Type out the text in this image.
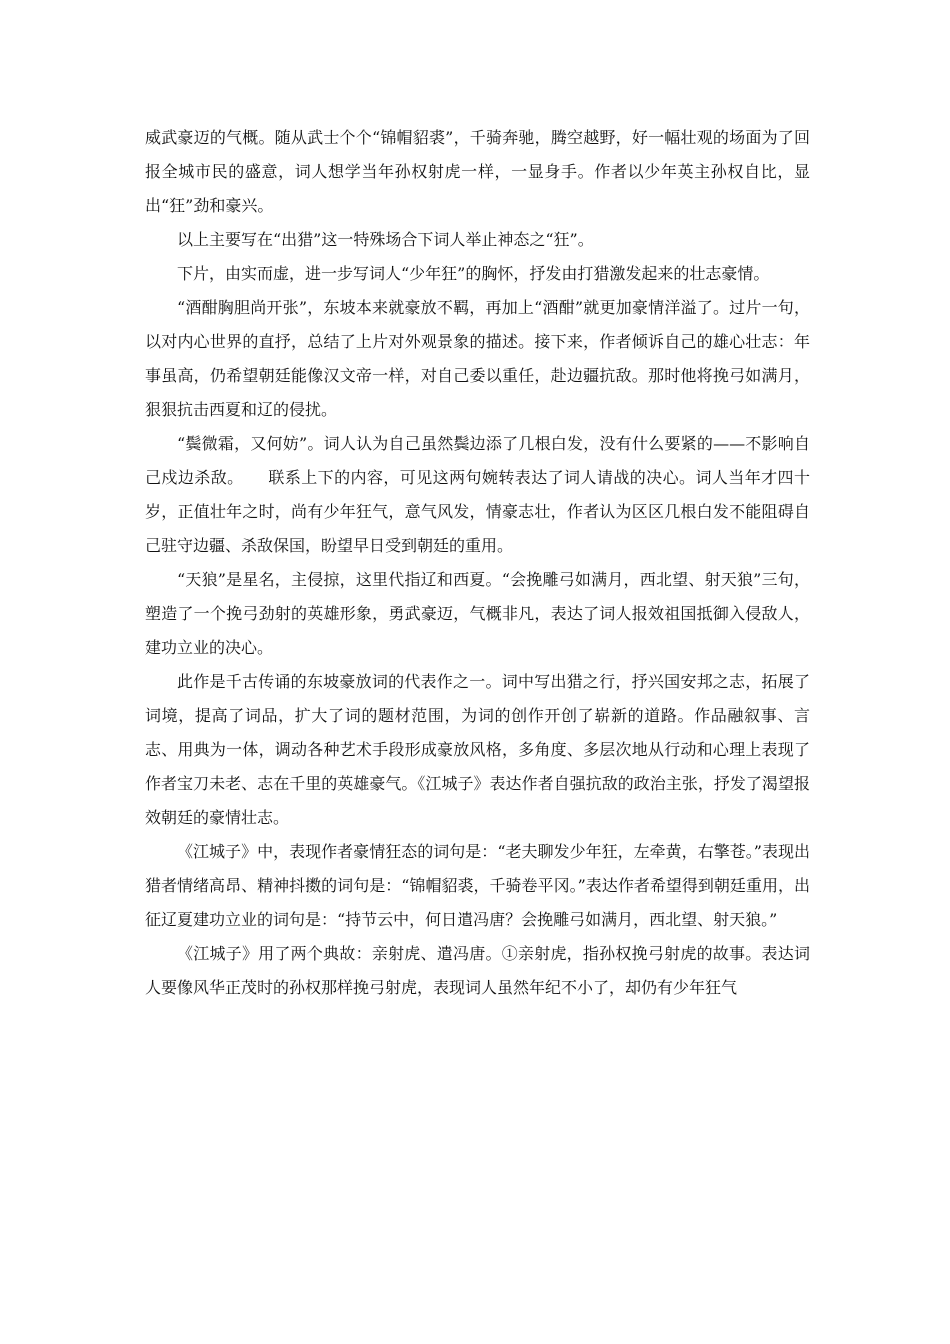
威武豪迈的气概。随从武士个个“锦帽貂裘”，千骑奔驰，腾空越野，好一幅壮观的场面为了回报全城市民的盛意，词人想学当年孙权射虎一样，一显身手。作者以少年英主孙权自比，显出“狂”劲和豪兴。

以上主要写在“出猎”这一特殊场合下词人举止神态之“狂”。

下片，由实而虚，进一步写词人“少年狂”的胸怀，抒发由打猎激发起来的壮志豪情。

“酒酣胸胆尚开张”，东坡本来就豪放不羁，再加上“酒酣”就更加豪情洋溢了。过片一句，以对内心世界的直抒，总结了上片对外观景象的描述。接下来，作者倾诉自己的雄心壮志：年事虽高，仍希望朝廷能像汉文帝一样，对自己委以重任，赴边疆抗敌。那时他将挽弓如满月，狠狠抗击西夏和辽的侵扰。

“鬓微霜，又何妨”。词人认为自己虽然鬓边添了几根白发，没有什么要紧的——不影响自己戍边杀敌。　　联系上下的内容，可见这两句婉转表达了词人请战的决心。词人当年才四十岁，正值壮年之时，尚有少年狂气，意气风发，情豪志壮，作者认为区区几根白发不能阻碍自己驻守边疆、杀敌保国，盼望早日受到朝廷的重用。

“天狼”是星名，主侵掠，这里代指辽和西夏。“会挽雕弓如满月，西北望、射天狼”三句，塑造了一个挽弓劲射的英雄形象，勇武豪迈，气概非凡，表达了词人报效祖国抵御入侵敌人，建功立业的决心。

此作是千古传诵的东坡豪放词的代表作之一。词中写出猎之行，抒兴国安邦之志，拓展了词境，提高了词品，扩大了词的题材范围，为词的创作开创了崭新的道路。作品融叙事、言志、用典为一体，调动各种艺术手段形成豪放风格，多角度、多层次地从行动和心理上表现了作者宝刀未老、志在千里的英雄豪气。《江城子》表达作者自强抗敌的政治主张，抒发了渴望报效朝廷的豪情壮志。

《江城子》中，表现作者豪情狂态的词句是：“老夫聊发少年狂，左牵黄，右擎苍。”表现出猎者情绪高昂、精神抖擞的词句是：“锦帽貂裘，千骑卷平冈。”表达作者希望得到朝廷重用，出征辽夏建功立业的词句是：“持节云中，何日遣冯唐？会挽雕弓如满月，西北望、射天狼。”

《江城子》用了两个典故：亲射虎、遣冯唐。①亲射虎，指孙权挽弓射虎的故事。表达词人要像风华正茂时的孙权那样挽弓射虎，表现词人虽然年纪不小了，却仍有少年狂气
